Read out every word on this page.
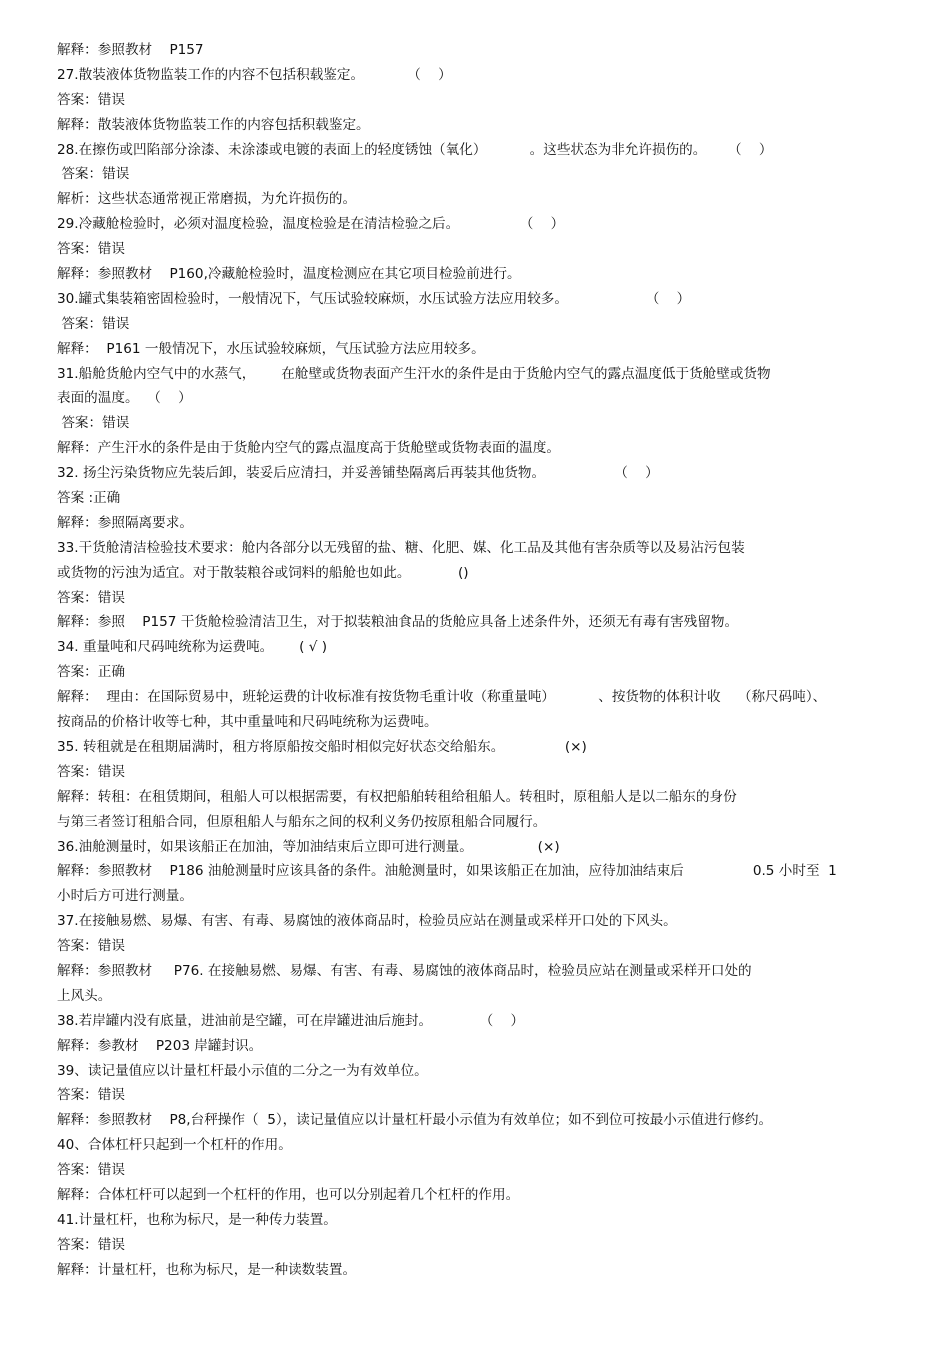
解释：参照教材    P157
27.散装液体货物监装工作的内容不包括积载鉴定。          （    ）
答案：错误
解释：散装液体货物监装工作的内容包括积载鉴定。
28.在擦伤或凹陷部分涂漆、未涂漆或电镀的表面上的轻度锈蚀（氧化）          。这些状态为非允许损伤的。     （    ）
答案：错误
解析：这些状态通常视正常磨损，为允许损伤的。
29.冷藏舱检验时，必须对温度检验，温度检验是在清洁检验之后。              （    ）
答案：错误
解释：参照教材    P160,冷藏舱检验时，温度检测应在其它项目检验前进行。
30.罐式集装箱密固检验时，一般情况下，气压试验较麻烦，水压试验方法应用较多。                  （    ）
答案：错误
解释：  P161 一般情况下，水压试验较麻烦，气压试验方法应用较多。
31.船舱货舱内空气中的水蒸气，      在舱壁或货物表面产生汗水的条件是由于货舱内空气的露点温度低于货舱壁或货物
表面的温度。  （    ）
答案：错误
解释：产生汗水的条件是由于货舱内空气的露点温度高于货舱壁或货物表面的温度。
32. 扬尘污染货物应先装后卸，装妥后应清扫，并妥善铺垫隔离后再装其他货物。                （    ）
答案 :正确
解释：参照隔离要求。
33.干货舱清洁检验技术要求：舱内各部分以无残留的盐、糖、化肥、媒、化工品及其他有害杂质等以及易沾污包装
或货物的污浊为适宜。对于散装粮谷或饲料的船舱也如此。           ()
答案：错误
解释：参照    P157 干货舱检验清洁卫生，对于拟装粮油食品的货舱应具备上述条件外，还须无有毒有害残留物。
34. 重量吨和尺码吨统称为运费吨。      ( √ )
答案：正确
解释：  理由：在国际贸易中，班轮运费的计收标准有按货物毛重计收（称重量吨）          、按货物的体积计收    （称尺码吨）、
按商品的价格计收等七种，其中重量吨和尺码吨统称为运费吨。
35. 转租就是在租期届满时，租方将原船按交船时相似完好状态交给船东。              (×)
答案：错误
解释：转租：在租赁期间，租船人可以根据需要，有权把船舶转租给租船人。转租时，原租船人是以二船东的身份
与第三者签订租船合同，但原租船人与船东之间的权利义务仍按原租船合同履行。
36.油舱测量时，如果该船正在加油，等加油结束后立即可进行测量。               (×)
解释：参照教材    P186 油舱测量时应该具备的条件。油舱测量时，如果该船正在加油，应待加油结束后                0.5 小时至  1
小时后方可进行测量。
37.在接触易燃、易爆、有害、有毒、易腐蚀的液体商品时，检验员应站在测量或采样开口处的下风头。
答案：错误
解释：参照教材     P76. 在接触易燃、易爆、有害、有毒、易腐蚀的液体商品时，检验员应站在测量或采样开口处的
上风头。
38.若岸罐内没有底量，进油前是空罐，可在岸罐进油后施封。           （    ）
解释：参教材    P203 岸罐封识。
39、读记量值应以计量杠杆最小示值的二分之一为有效单位。
答案：错误
解释：参照教材    P8,台秤操作（  5），读记量值应以计量杠杆最小示值为有效单位；如不到位可按最小示值进行修约。
40、合体杠杆只起到一个杠杆的作用。
答案：错误
解释：合体杠杆可以起到一个杠杆的作用，也可以分别起着几个杠杆的作用。
41.计量杠杆，也称为标尺，是一种传力装置。
答案：错误
解释：计量杠杆，也称为标尺，是一种读数装置。
